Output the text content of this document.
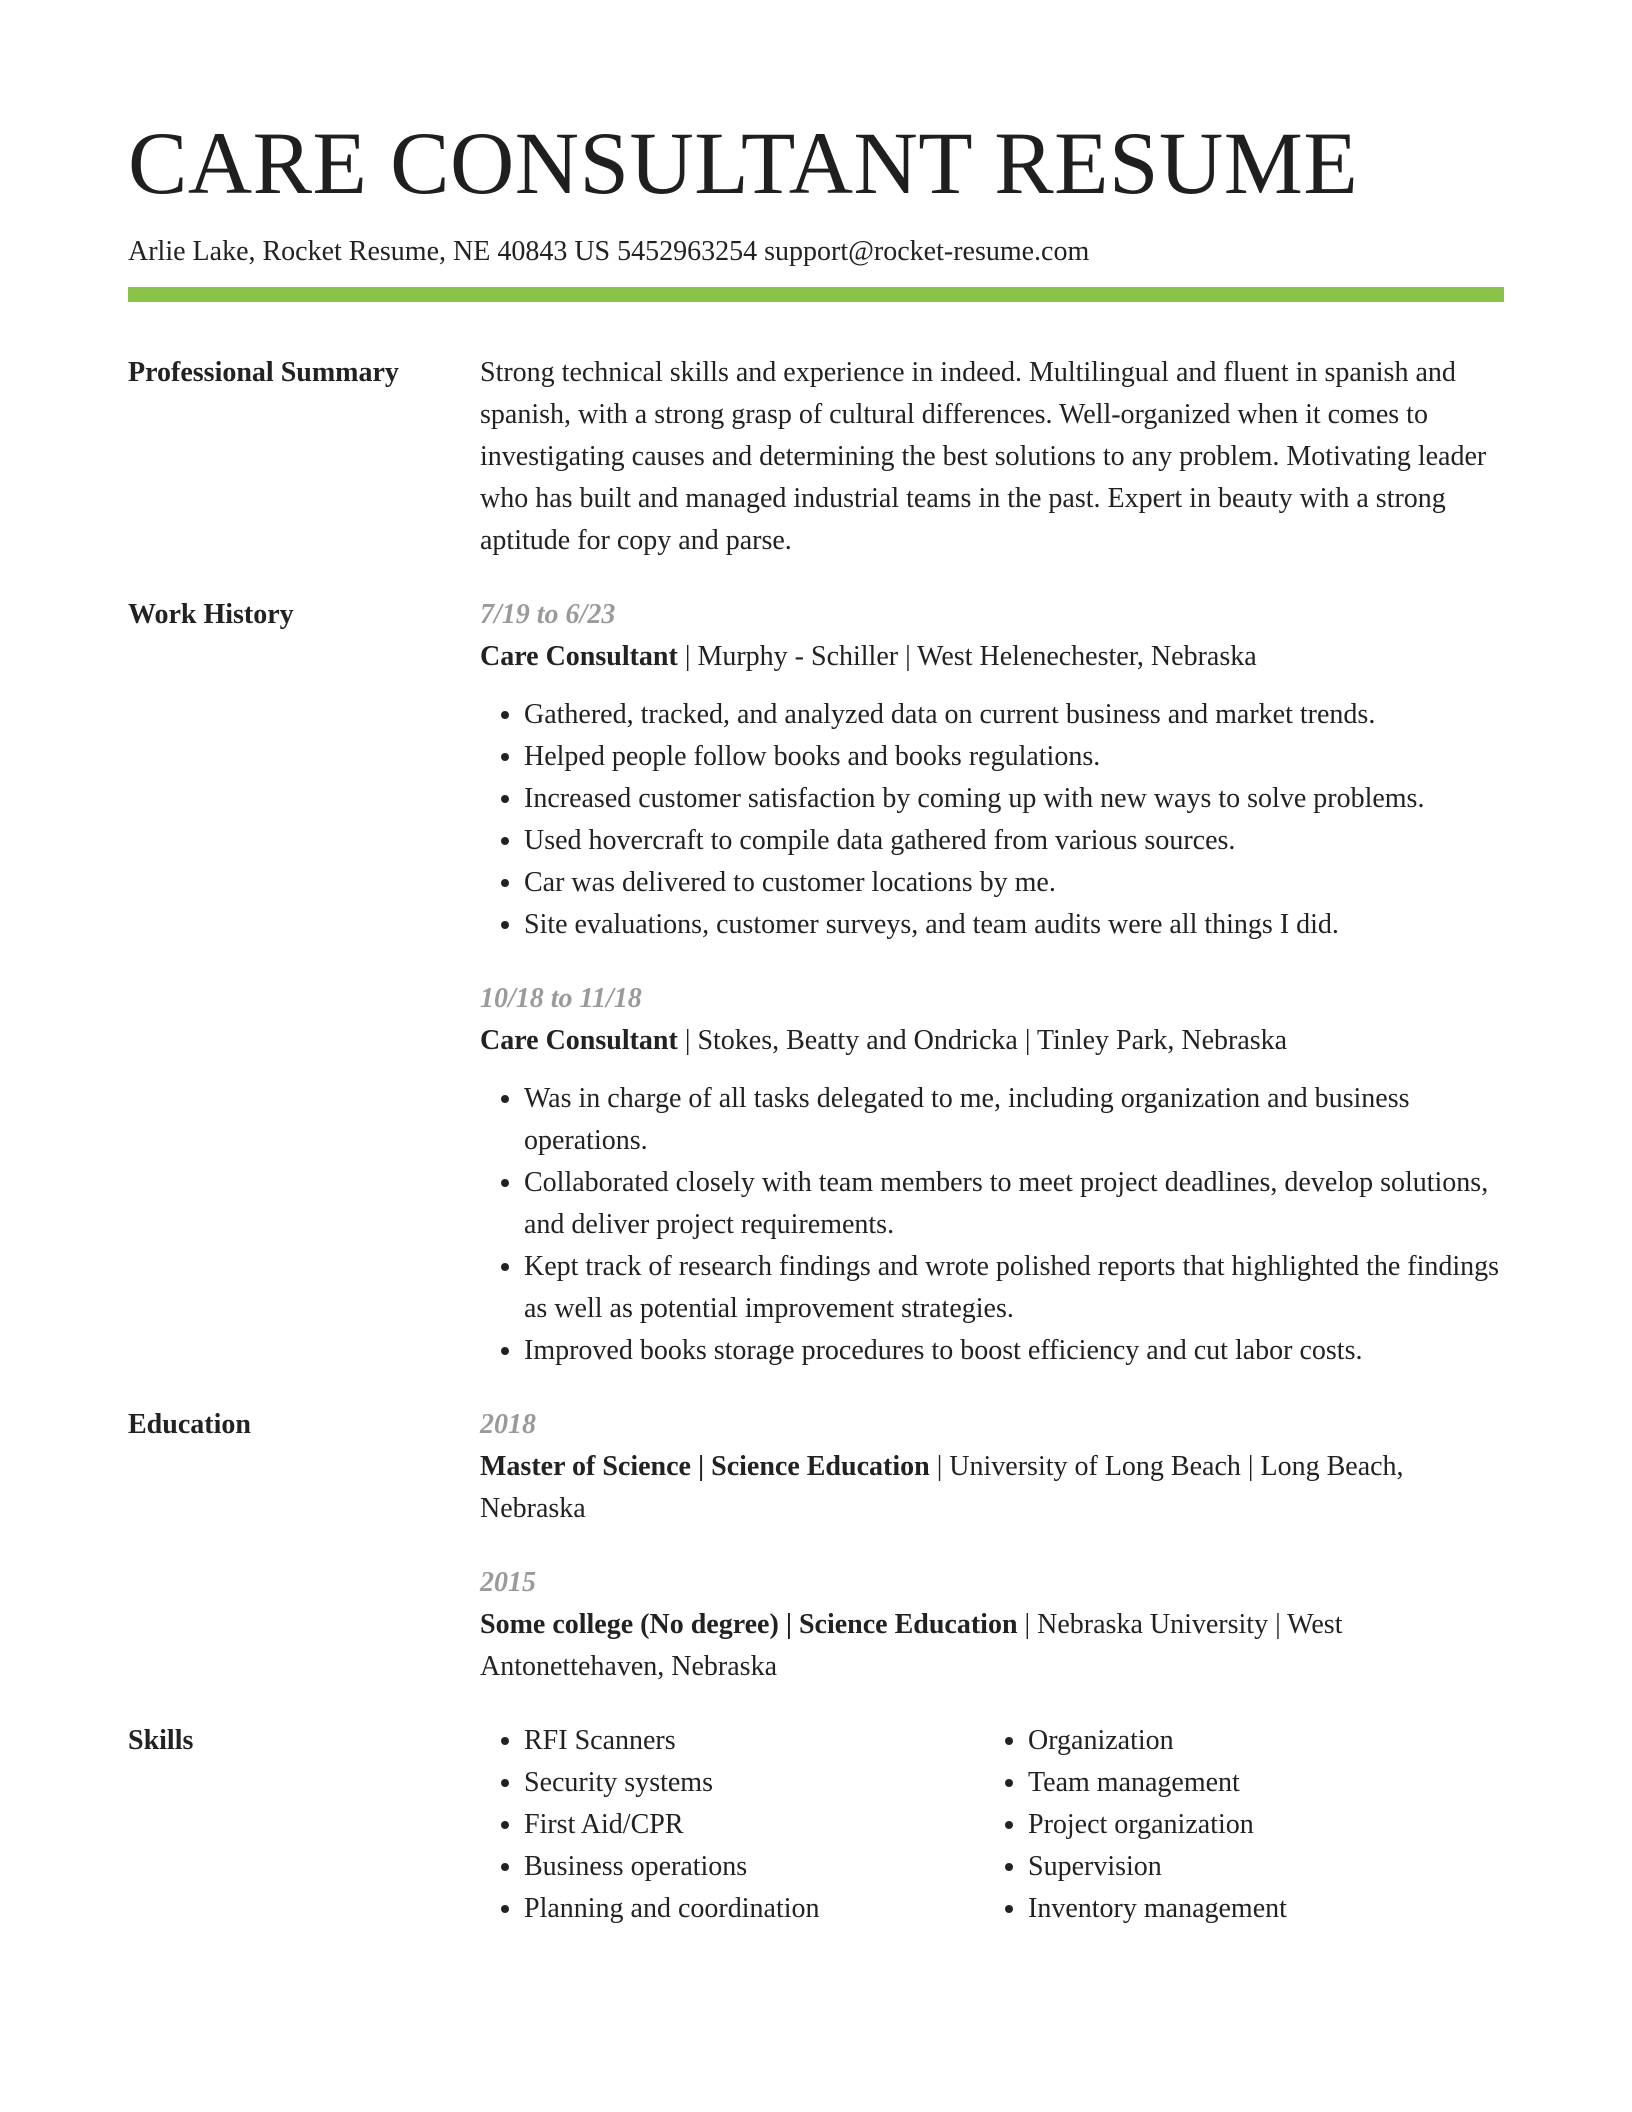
CARE CONSULTANT RESUME
Arlie Lake, Rocket Resume, NE 40843 US 5452963254 support@rocket-resume.com
Professional Summary	Strong technical skills and experience in indeed. Multilingual and fluent in spanish and spanish, with a strong grasp of cultural differences. Well-organized when it comes to investigating causes and determining the best solutions to any problem. Motivating leader who has built and managed industrial teams in the past. Expert in beauty with a strong aptitude for copy and parse.
Work History	7/19 to 6/23
Care Consultant | Murphy - Schiller | West Helenechester, Nebraska
• Gathered, tracked, and analyzed data on current business and market trends.
• Helped people follow books and books regulations.
• Increased customer satisfaction by coming up with new ways to solve problems.
• Used hovercraft to compile data gathered from various sources.
• Car was delivered to customer locations by me.
• Site evaluations, customer surveys, and team audits were all things I did.
10/18 to 11/18
Care Consultant | Stokes, Beatty and Ondricka | Tinley Park, Nebraska
• Was in charge of all tasks delegated to me, including organization and business operations.
• Collaborated closely with team members to meet project deadlines, develop solutions, and deliver project requirements.
• Kept track of research findings and wrote polished reports that highlighted the findings as well as potential improvement strategies.
• Improved books storage procedures to boost efficiency and cut labor costs.
Education	2018
Master of Science | Science Education | University of Long Beach | Long Beach, Nebraska
2015
Some college (No degree) | Science Education | Nebraska University | West Antonettehaven, Nebraska
Skills
•	RFI Scanners
• Security systems
• First Aid/CPR
• Business operations
• Planning and coordination
• Organization
• Team management
• Project organization
• Supervision
• Inventory management
